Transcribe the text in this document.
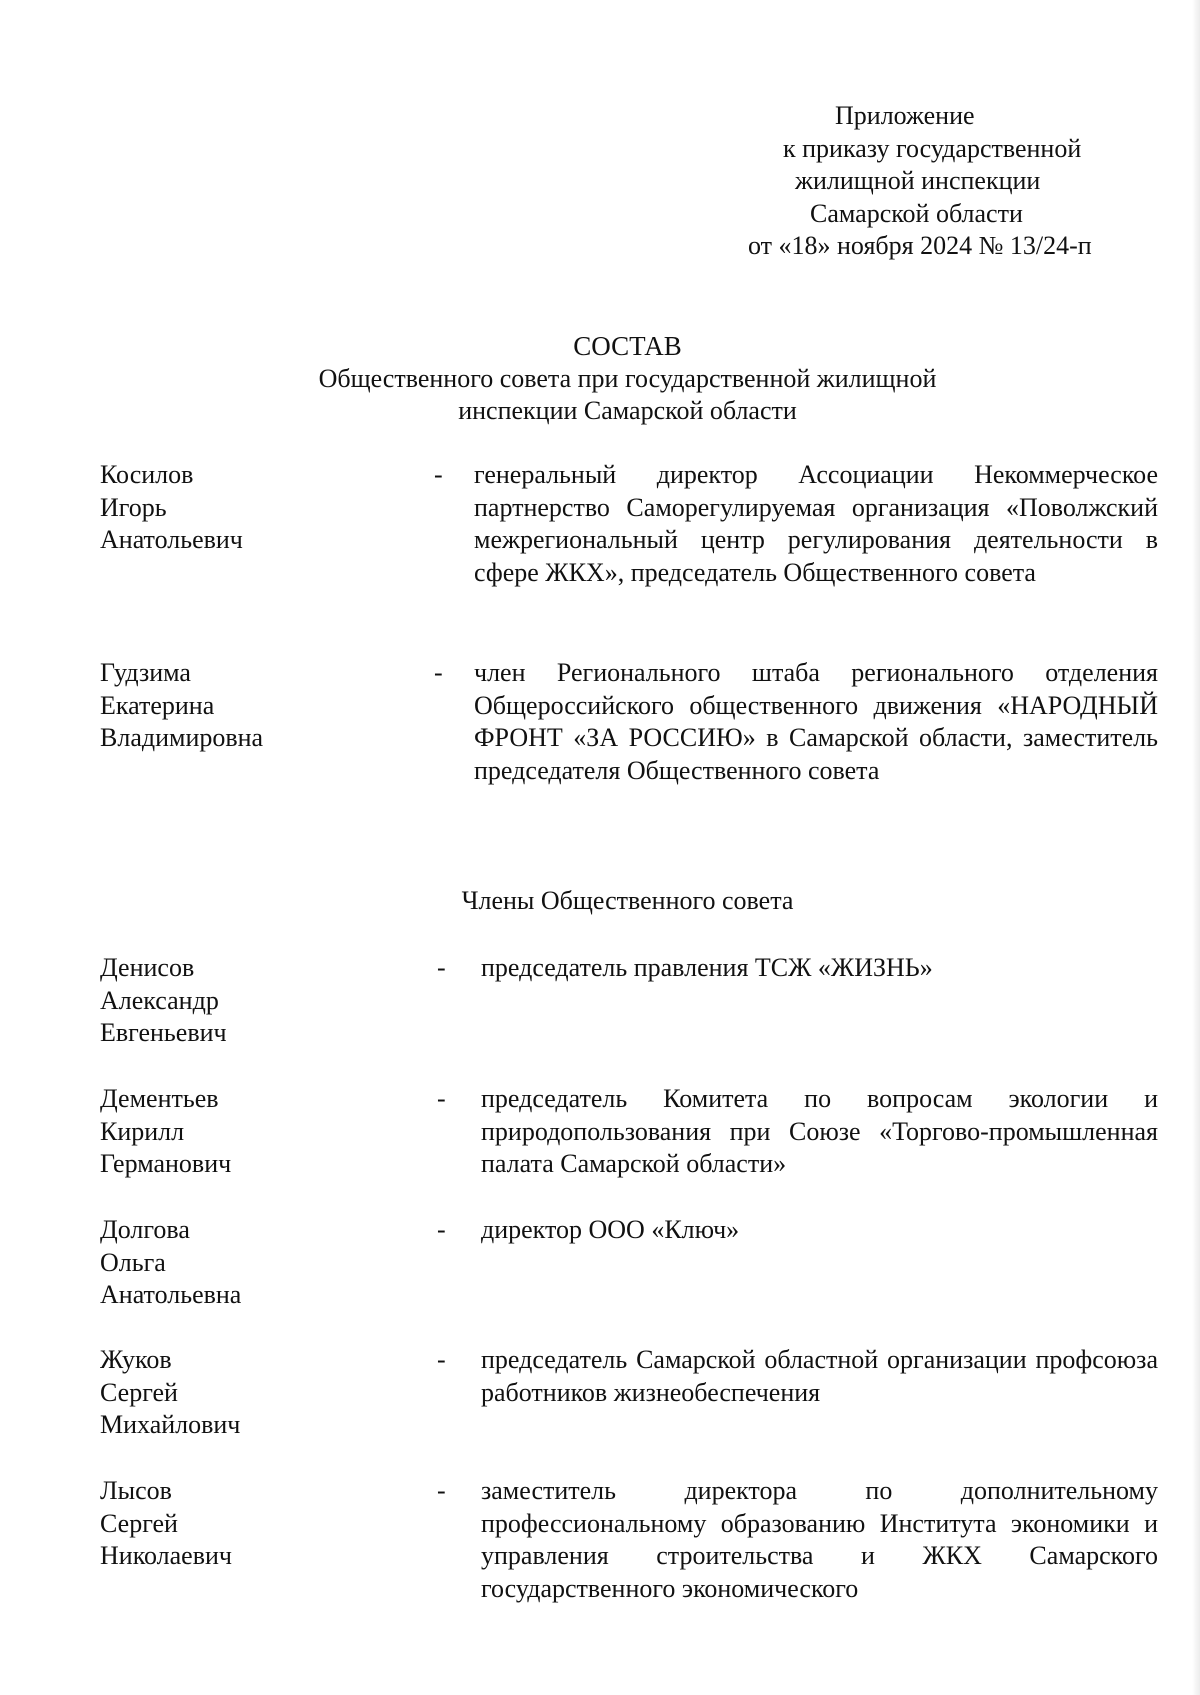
Приложение
к приказу государственной
жилищной инспекции
Самарской области
от «18» ноября 2024 № 13/24-п
СОСТАВ
Общественного совета при государственной жилищной
инспекции Самарской области
Косилов
Игорь
Анатольевич
- генеральный директор Ассоциации Некоммерческое партнерство Саморегулируемая организация «Поволжский межрегиональный центр регулирования деятельности в сфере ЖКХ», председатель Общественного совета
Гудзима
Екатерина
Владимировна
- член Регионального штаба регионального отделения Общероссийского общественного движения «НАРОДНЫЙ ФРОНТ «ЗА РОССИЮ» в Самарской области, заместитель председателя Общественного совета
Члены Общественного совета
Денисов
Александр
Евгеньевич
- председатель правления ТСЖ «ЖИЗНЬ»
Дементьев
Кирилл
Германович
- председатель Комитета по вопросам экологии и природопользования при Союзе «Торгово-промышленная палата Самарской области»
Долгова
Ольга
Анатольевна
- директор ООО «Ключ»
Жуков
Сергей
Михайлович
- председатель Самарской областной организации профсоюза работников жизнеобеспечения
Лысов
Сергей
Николаевич
- заместитель директора по дополнительному профессиональному образованию Института экономики и управления строительства и ЖКХ Самарского государственного экономического
